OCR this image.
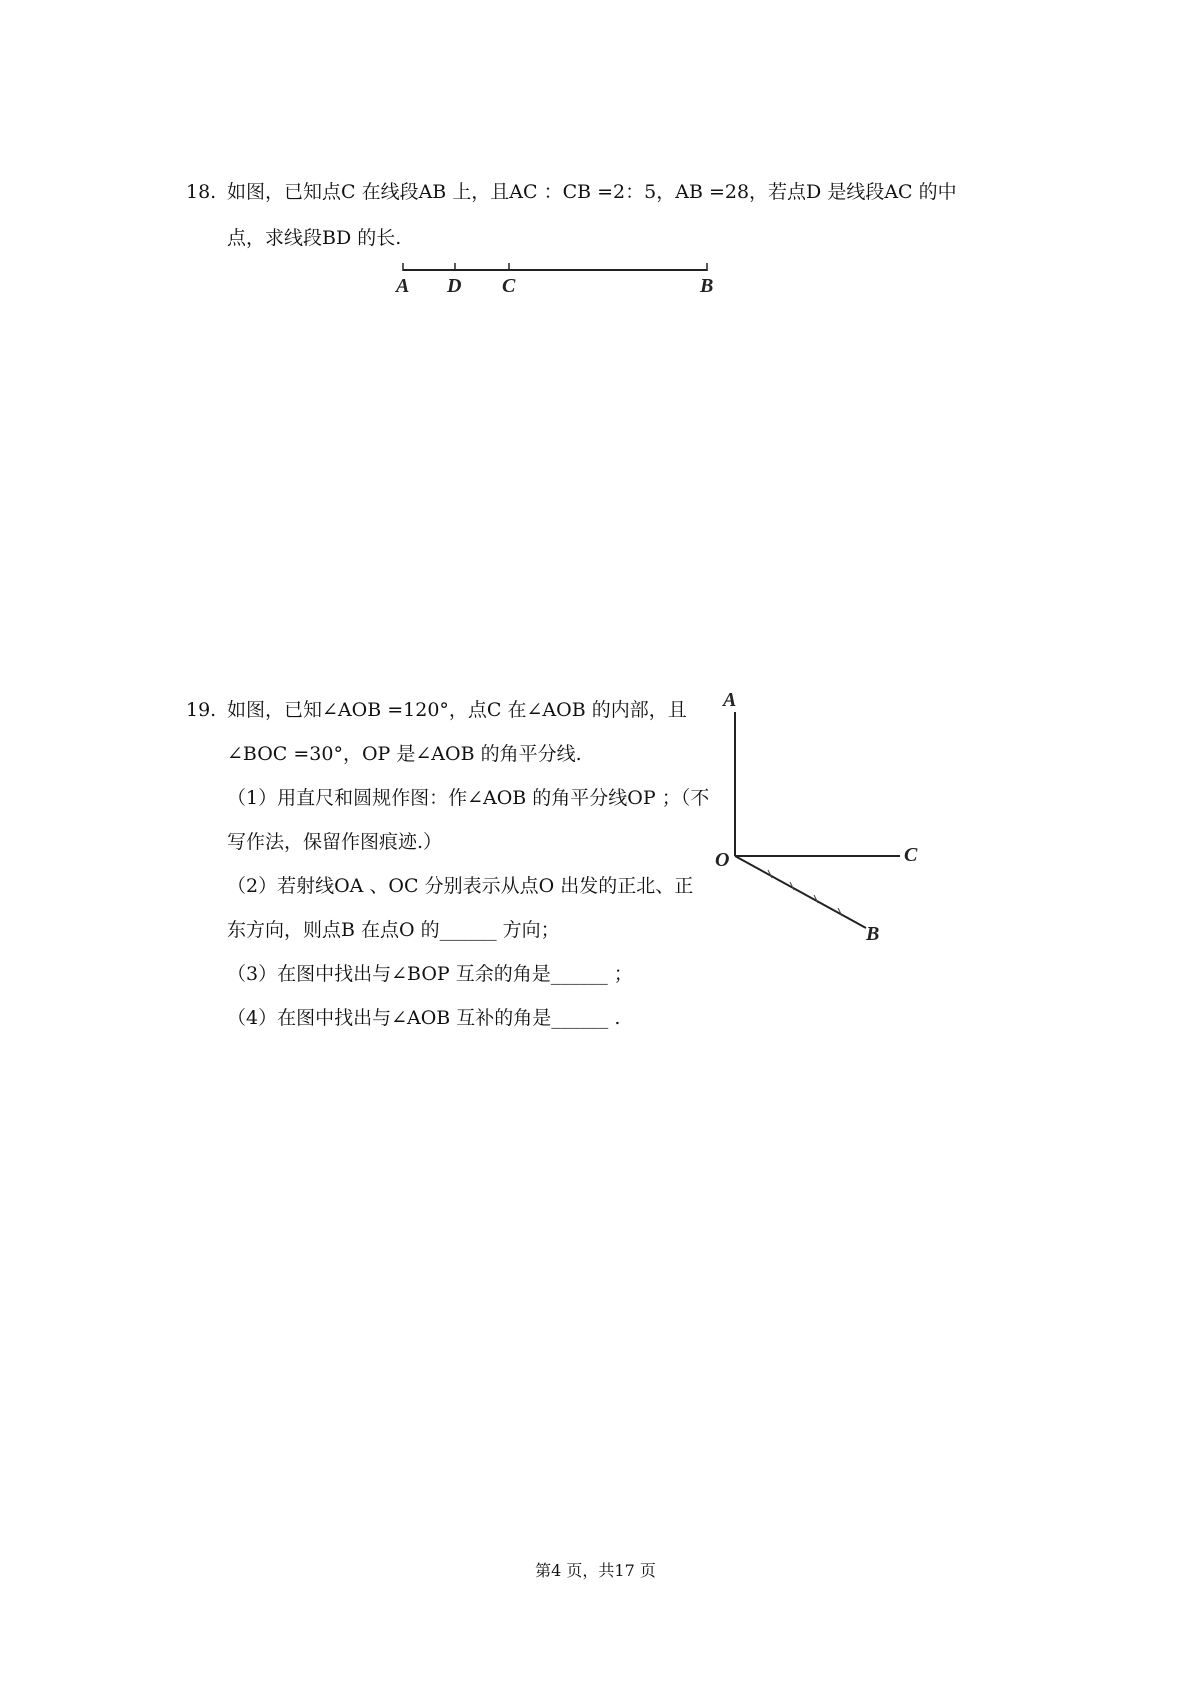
18. 如图，已知点C 在线段AB 上，且AC ：CB =2：5，AB =28，若点D 是线段AC 的中
点，求线段BD 的长.
A D C	B
19. 如图，已知∠AOB =120°，点C 在∠AOB 的内部，且
∠BOC =30°，OP 是∠AOB 的角平分线.
（1）用直尺和圆规作图：作∠AOB 的角平分线OP ；（不
写作法，保留作图痕迹.）
（2）若射线OA 、OC 分别表示从点O 出发的正北、正
东方向，则点B 在点O 的______ 方向；
（3）在图中找出与∠BOP 互余的角是______ ；
（4）在图中找出与∠AOB 互补的角是______ .
A
O	C
B
第4 页，共17 页
